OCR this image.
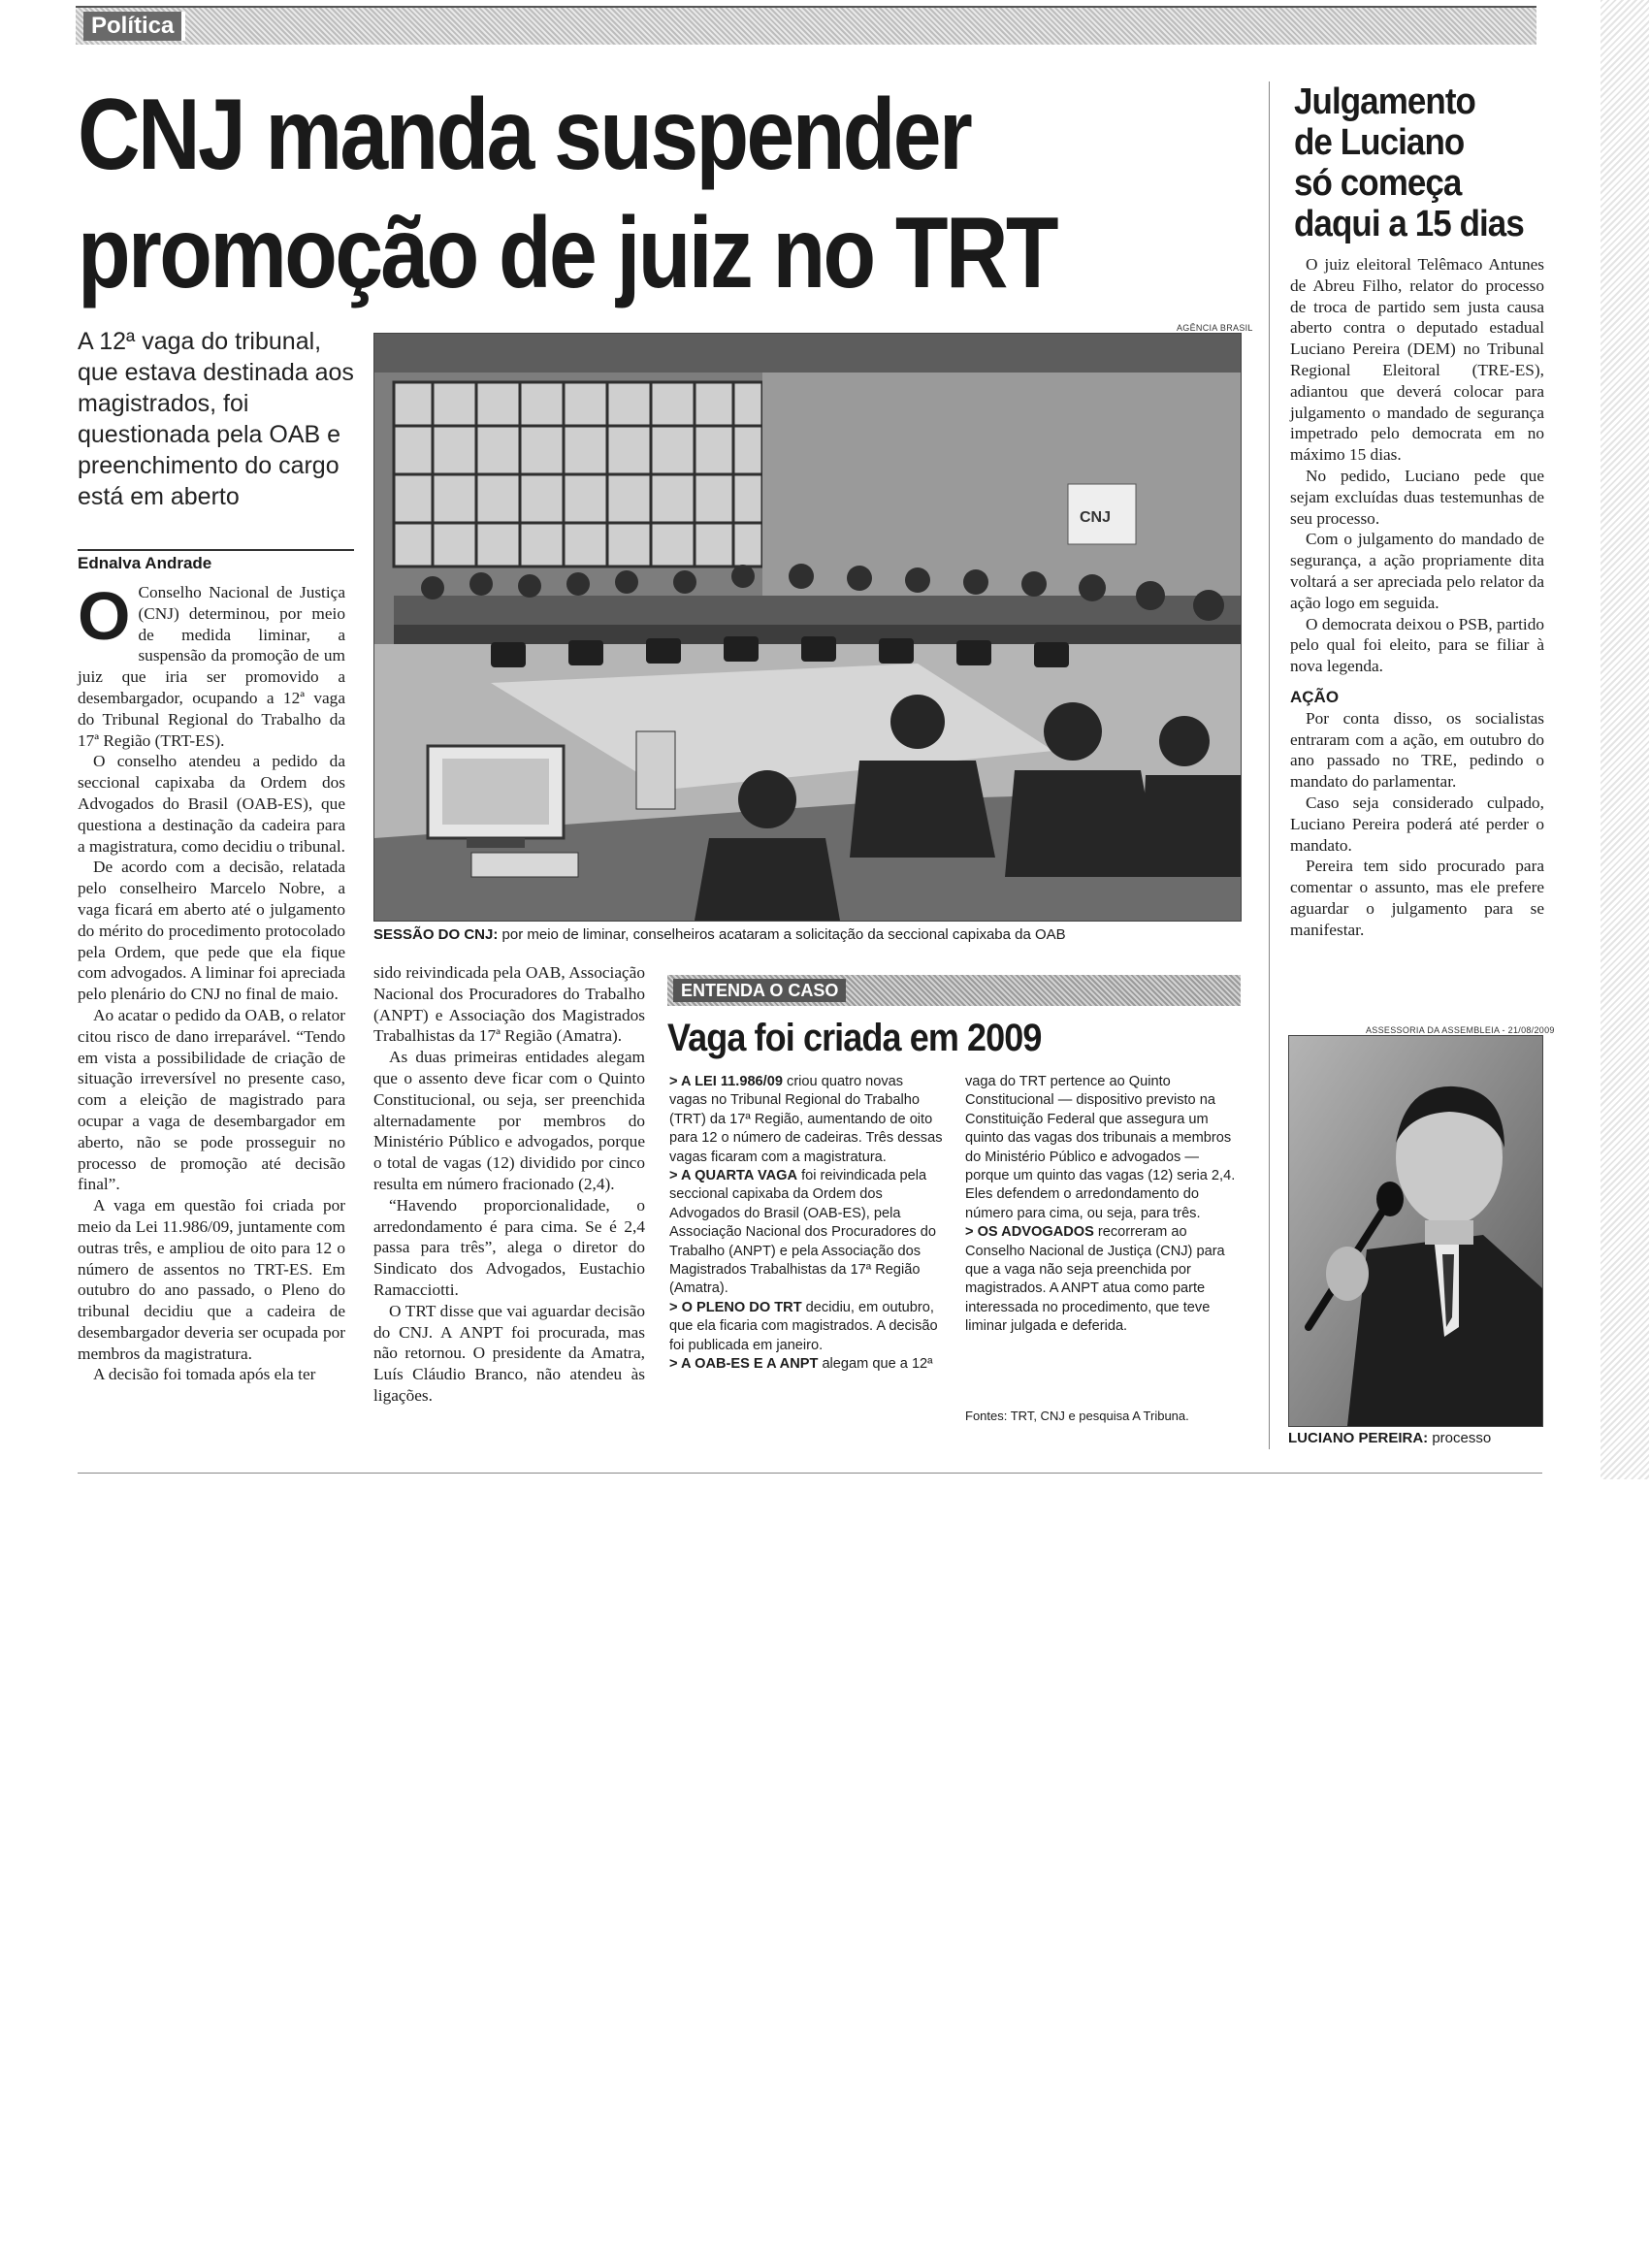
Política
CNJ manda suspender
promoção de juiz no TRT

A 12ª vaga do tribunal, que estava destinada aos magistrados, foi questionada pela OAB e preenchimento do cargo está em aberto

Ednalva Andrade

O Conselho Nacional de Justiça (CNJ) determinou, por meio de medida liminar, a suspensão da promoção de um juiz que iria ser promovido a desembargador, ocupando a 12ª vaga do Tribunal Regional do Trabalho da 17ª Região (TRT-ES).

O conselho atendeu a pedido da seccional capixaba da Ordem dos Advogados do Brasil (OAB-ES), que questiona a destinação da cadeira para a magistratura, como decidiu o tribunal.

De acordo com a decisão, relatada pelo conselheiro Marcelo Nobre, a vaga ficará em aberto até o julgamento do mérito do procedimento protocolado pela Ordem, que pede que ela fique com advogados. A liminar foi apreciada pelo plenário do CNJ no final de maio.

Ao acatar o pedido da OAB, o relator citou risco de dano irreparável. “Tendo em vista a possibilidade de criação de situação irreversível no presente caso, com a eleição de magistrado para ocupar a vaga de desembargador em aberto, não se pode prosseguir no processo de promoção até decisão final”.

A vaga em questão foi criada por meio da Lei 11.986/09, juntamente com outras três, e ampliou de oito para 12 o número de assentos no TRT-ES. Em outubro do ano passado, o Pleno do tribunal decidiu que a cadeira de desembargador deveria ser ocupada por membros da magistratura.

A decisão foi tomada após ela ter

AGÊNCIA BRASIL
CNJ
SESSÃO DO CNJ: por meio de liminar, conselheiros acataram a solicitação da seccional capixaba da OAB

sido reivindicada pela OAB, Associação Nacional dos Procuradores do Trabalho (ANPT) e Associação dos Magistrados Trabalhistas da 17ª Região (Amatra).

As duas primeiras entidades alegam que o assento deve ficar com o Quinto Constitucional, ou seja, ser preenchida alternadamente por membros do Ministério Público e advogados, porque o total de vagas (12) dividido por cinco resulta em número fracionado (2,4).

“Havendo proporcionalidade, o arredondamento é para cima. Se é 2,4 passa para três”, alega o diretor do Sindicato dos Advogados, Eustachio Ramacciotti.

O TRT disse que vai aguardar decisão do CNJ. A ANPT foi procurada, mas não retornou. O presidente da Amatra, Luís Cláudio Branco, não atendeu às ligações.

ENTENDA O CASO
Vaga foi criada em 2009

> A LEI 11.986/09 criou quatro novas vagas no Tribunal Regional do Trabalho (TRT) da 17ª Região, aumentando de oito para 12 o número de cadeiras. Três dessas vagas ficaram com a magistratura.

> A QUARTA VAGA foi reivindicada pela seccional capixaba da Ordem dos Advogados do Brasil (OAB-ES), pela Associação Nacional dos Procuradores do Trabalho (ANPT) e pela Associação dos Magistrados Trabalhistas da 17ª Região (Amatra).

> O PLENO DO TRT decidiu, em outubro, que ela ficaria com magistrados. A decisão foi publicada em janeiro.

> A OAB-ES E A ANPT alegam que a 12ª

vaga do TRT pertence ao Quinto Constitucional — dispositivo previsto na Constituição Federal que assegura um quinto das vagas dos tribunais a membros do Ministério Público e advogados — porque um quinto das vagas (12) seria 2,4. Eles defendem o arredondamento do número para cima, ou seja, para três.

> OS ADVOGADOS recorreram ao Conselho Nacional de Justiça (CNJ) para que a vaga não seja preenchida por magistrados. A ANPT atua como parte interessada no procedimento, que teve liminar julgada e deferida.

Fontes: TRT, CNJ e pesquisa A Tribuna.
Julgamento
de Luciano
só começa
daqui a 15 dias

O juiz eleitoral Telêmaco Antunes de Abreu Filho, relator do processo de troca de partido sem justa causa aberto contra o deputado estadual Luciano Pereira (DEM) no Tribunal Regional Eleitoral (TRE-ES), adiantou que deverá colocar para julgamento o mandado de segurança impetrado pelo democrata em no máximo 15 dias.

No pedido, Luciano pede que sejam excluídas duas testemunhas de seu processo.

Com o julgamento do mandado de segurança, a ação propriamente dita voltará a ser apreciada pelo relator da ação logo em seguida.

O democrata deixou o PSB, partido pelo qual foi eleito, para se filiar à nova legenda.

AÇÃO

Por conta disso, os socialistas entraram com a ação, em outubro do ano passado no TRE, pedindo o mandato do parlamentar.

Caso seja considerado culpado, Luciano Pereira poderá até perder o mandato.

Pereira tem sido procurado para comentar o assunto, mas ele prefere aguardar o julgamento para se manifestar.

ASSESSORIA DA ASSEMBLEIA - 21/08/2009
LUCIANO PEREIRA: processo
